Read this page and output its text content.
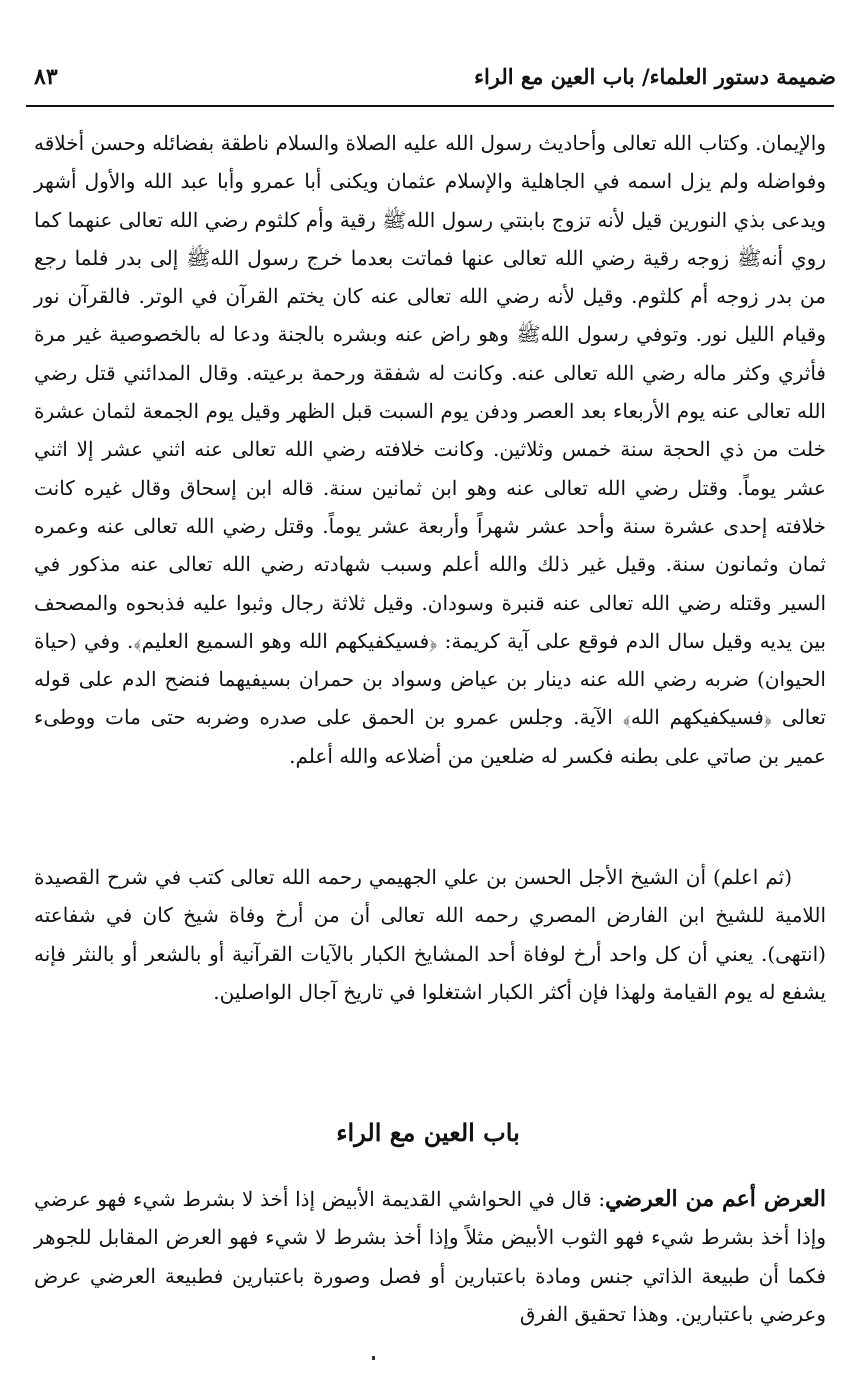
ضميمة دستور العلماء/ باب العين مع الراء
٨٣
والإيمان. وكتاب الله تعالى وأحاديث رسول الله عليه الصلاة والسلام ناطقة بفضائله وحسن أخلاقه وفواضله ولم يزل اسمه في الجاهلية والإسلام عثمان ويكنى أبا عمرو وأبا عبد الله والأول أشهر ويدعى بذي النورين قيل لأنه تزوج بابنتي رسول اللهﷺ رقية وأم كلثوم رضي الله تعالى عنهما كما روي أنهﷺ زوجه رقية رضي الله تعالى عنها فماتت بعدما خرج رسول اللهﷺ إلى بدر فلما رجع من بدر زوجه أم كلثوم. وقيل لأنه رضي الله تعالى عنه كان يختم القرآن في الوتر. فالقرآن نور وقيام الليل نور. وتوفي رسول اللهﷺ وهو راض عنه وبشره بالجنة ودعا له بالخصوصية غير مرة فأثري وكثر ماله رضي الله تعالى عنه. وكانت له شفقة ورحمة برعيته. وقال المدائني قتل رضي الله تعالى عنه يوم الأربعاء بعد العصر ودفن يوم السبت قبل الظهر وقيل يوم الجمعة لثمان عشرة خلت من ذي الحجة سنة خمس وثلاثين. وكانت خلافته رضي الله تعالى عنه اثني عشر إلا اثني عشر يوماً. وقتل رضي الله تعالى عنه وهو ابن ثمانين سنة. قاله ابن إسحاق وقال غيره كانت خلافته إحدى عشرة سنة وأحد عشر شهراً وأربعة عشر يوماً. وقتل رضي الله تعالى عنه وعمره ثمان وثمانون سنة. وقيل غير ذلك والله أعلم وسبب شهادته رضي الله تعالى عنه مذكور في السير وقتله رضي الله تعالى عنه قنبرة وسودان. وقيل ثلاثة رجال وثبوا عليه فذبحوه والمصحف بين يديه وقيل سال الدم فوقع على آية كريمة: ﴿فسيكفيكهم الله وهو السميع العليم﴾. وفي (حياة الحيوان) ضربه رضي الله عنه دينار بن عياض وسواد بن حمران بسيفيهما فنضح الدم على قوله تعالى ﴿فسيكفيكهم الله﴾ الآية. وجلس عمرو بن الحمق على صدره وضربه حتى مات ووطىء عمير بن صاتي على بطنه فكسر له ضلعين من أضلاعه والله أعلم.
(ثم اعلم) أن الشيخ الأجل الحسن بن علي الجهيمي رحمه الله تعالى كتب في شرح القصيدة اللامية للشيخ ابن الفارض المصري رحمه الله تعالى أن من أرخ وفاة شيخ كان في شفاعته (انتهى). يعني أن كل واحد أرخ لوفاة أحد المشايخ الكبار بالآيات القرآنية أو بالشعر أو بالنثر فإنه يشفع له يوم القيامة ولهذا فإن أكثر الكبار اشتغلوا في تاريخ آجال الواصلين.
باب العين مع الراء
العرض أعم من العرضي: قال في الحواشي القديمة الأبيض إذا أخذ لا بشرط شيء فهو عرضي وإذا أخذ بشرط شيء فهو الثوب الأبيض مثلاً وإذا أخذ بشرط لا شيء فهو العرض المقابل للجوهر فكما أن طبيعة الذاتي جنس ومادة باعتبارين أو فصل وصورة باعتبارين فطبيعة العرضي عرض وعرضي باعتبارين. وهذا تحقيق الفرق
